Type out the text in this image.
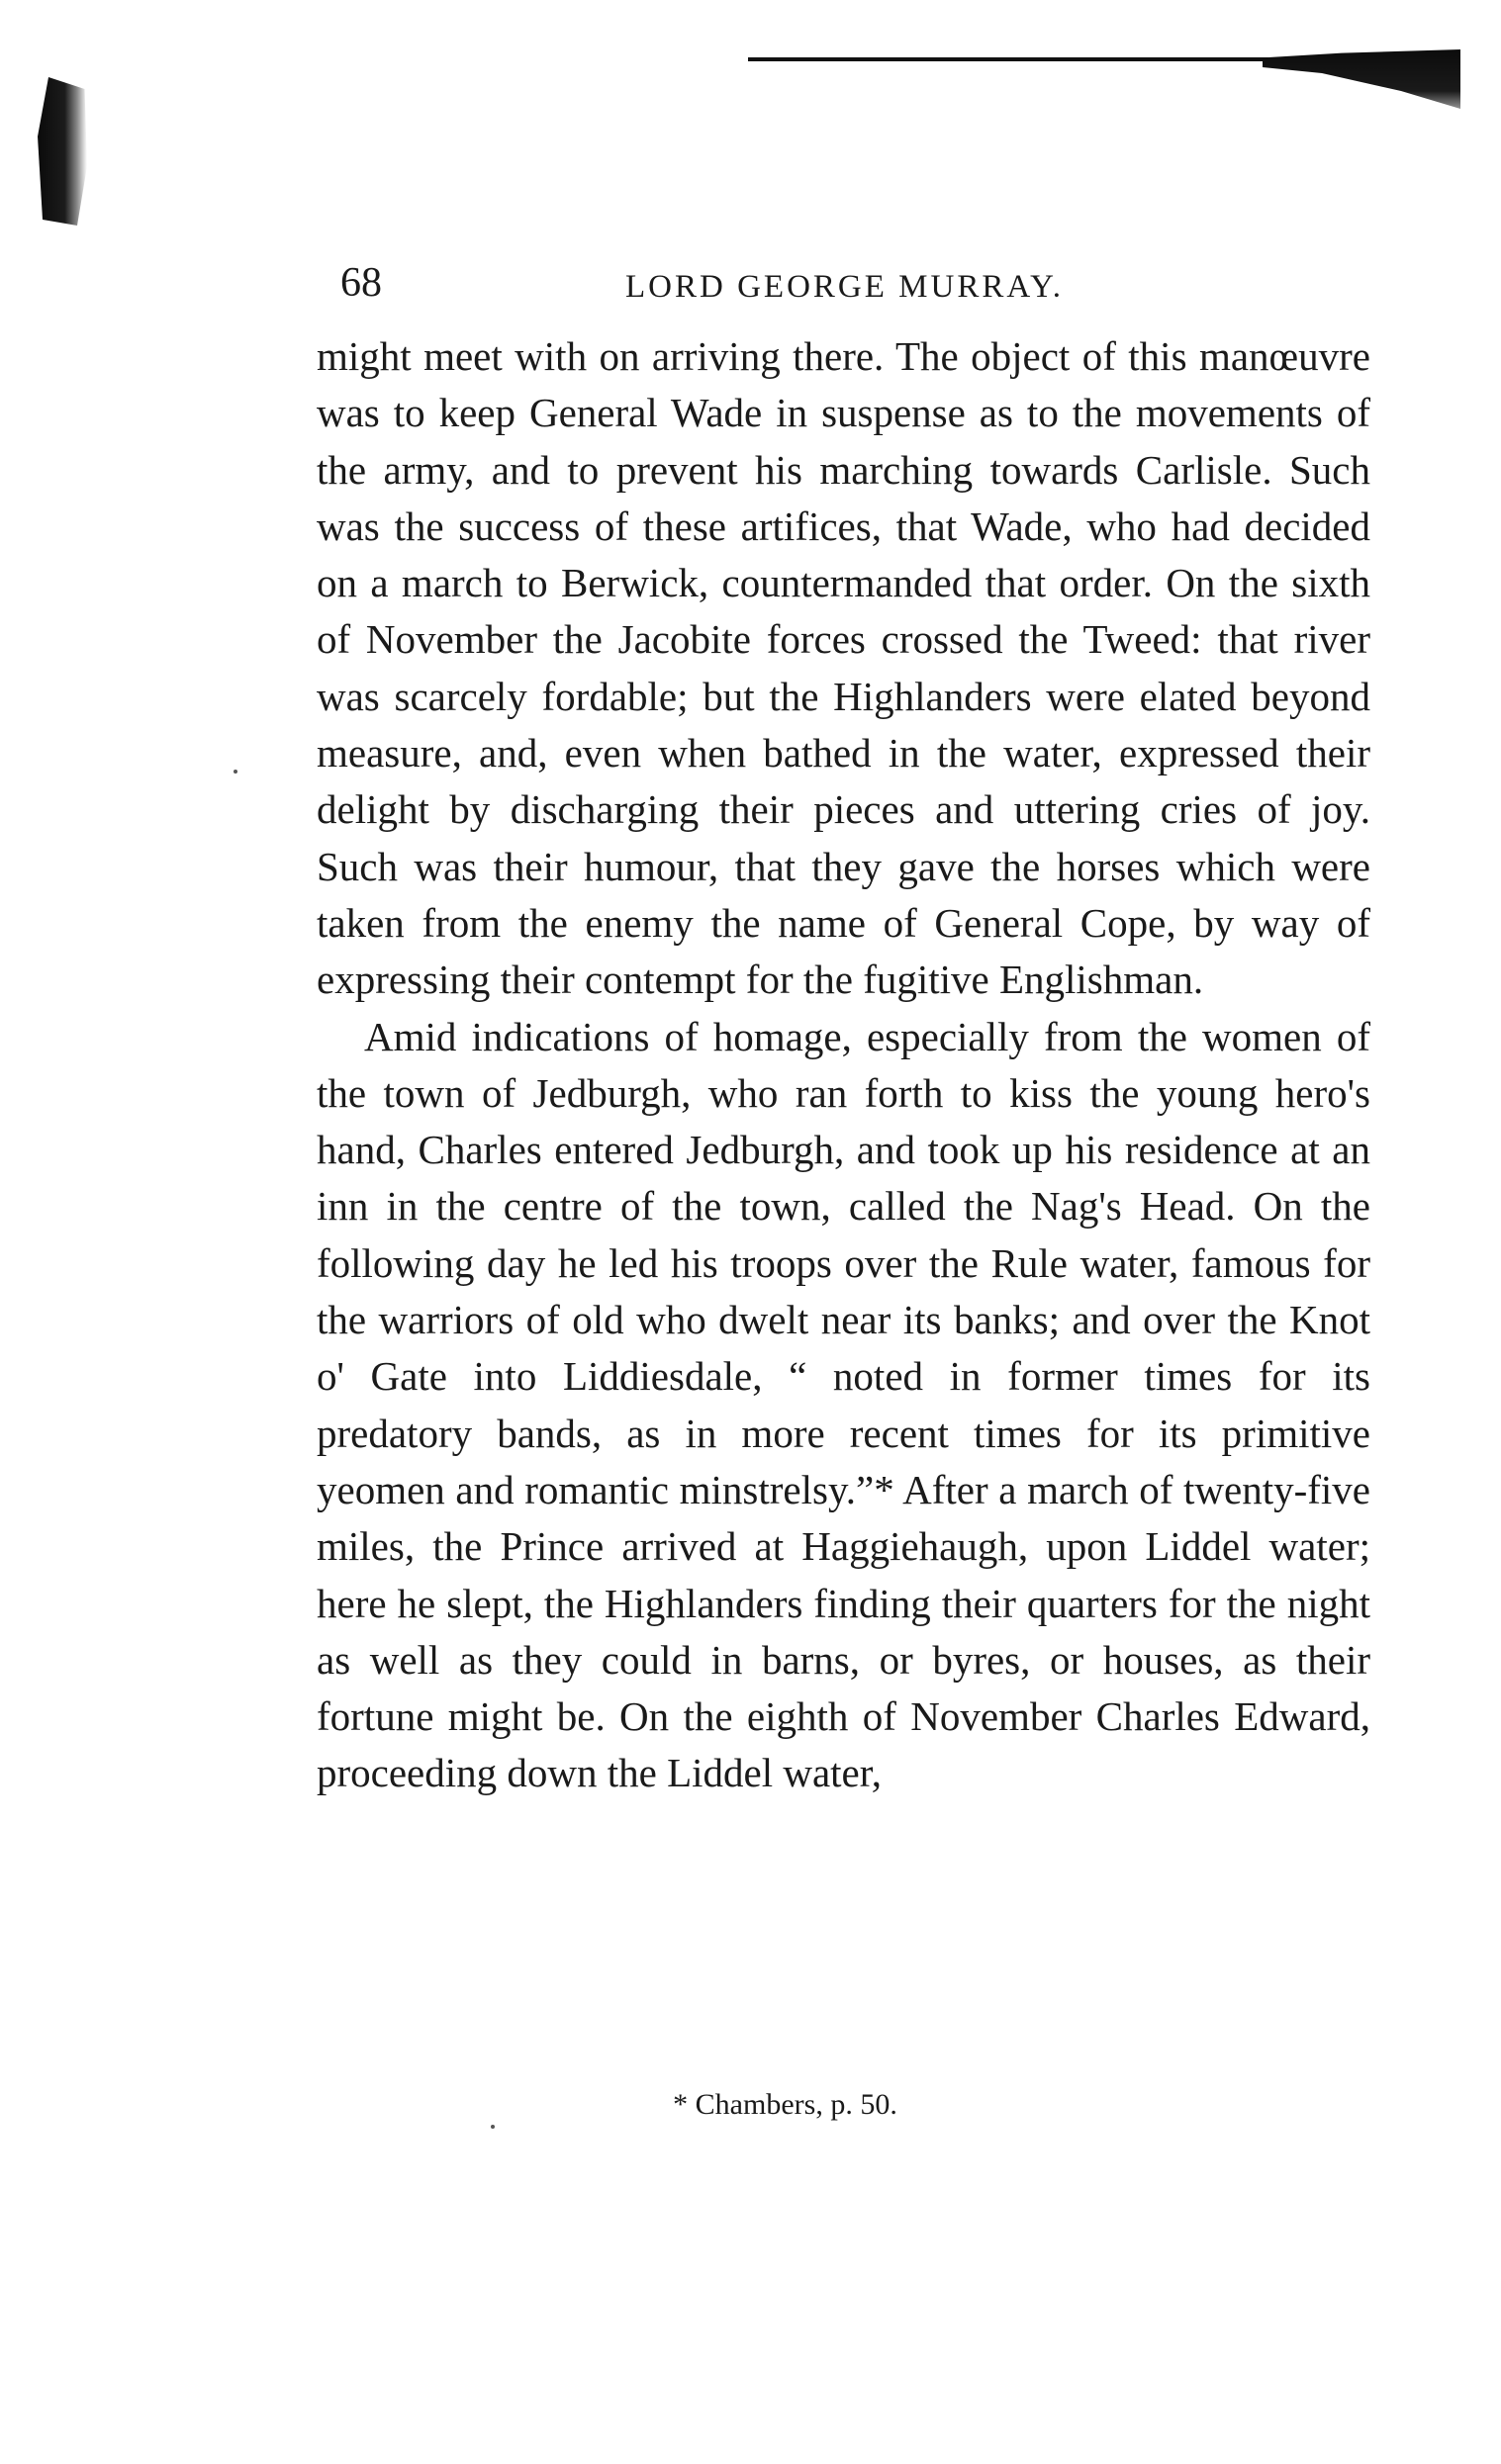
68	LORD GEORGE MURRAY.

might meet with on arriving there. The object of this manœuvre was to keep General Wade in suspense as to the movements of the army, and to prevent his marching towards Carlisle. Such was the success of these artifices, that Wade, who had decided on a march to Berwick, countermanded that order. On the sixth of November the Jacobite forces crossed the Tweed: that river was scarcely fordable; but the Highlanders were elated beyond measure, and, even when bathed in the water, expressed their delight by discharging their pieces and uttering cries of joy. Such was their humour, that they gave the horses which were taken from the enemy the name of General Cope, by way of expressing their contempt for the fugitive Englishman.

Amid indications of homage, especially from the women of the town of Jedburgh, who ran forth to kiss the young hero's hand, Charles entered Jedburgh, and took up his residence at an inn in the centre of the town, called the Nag's Head. On the following day he led his troops over the Rule water, famous for the warriors of old who dwelt near its banks; and over the Knot o' Gate into Liddiesdale, “ noted in former times for its predatory bands, as in more recent times for its primitive yeomen and romantic minstrelsy.”* After a march of twenty-five miles, the Prince arrived at Haggiehaugh, upon Liddel water; here he slept, the Highlanders finding their quarters for the night as well as they could in barns, or byres, or houses, as their fortune might be. On the eighth of November Charles Edward, proceeding down the Liddel water,

* Chambers, p. 50.
